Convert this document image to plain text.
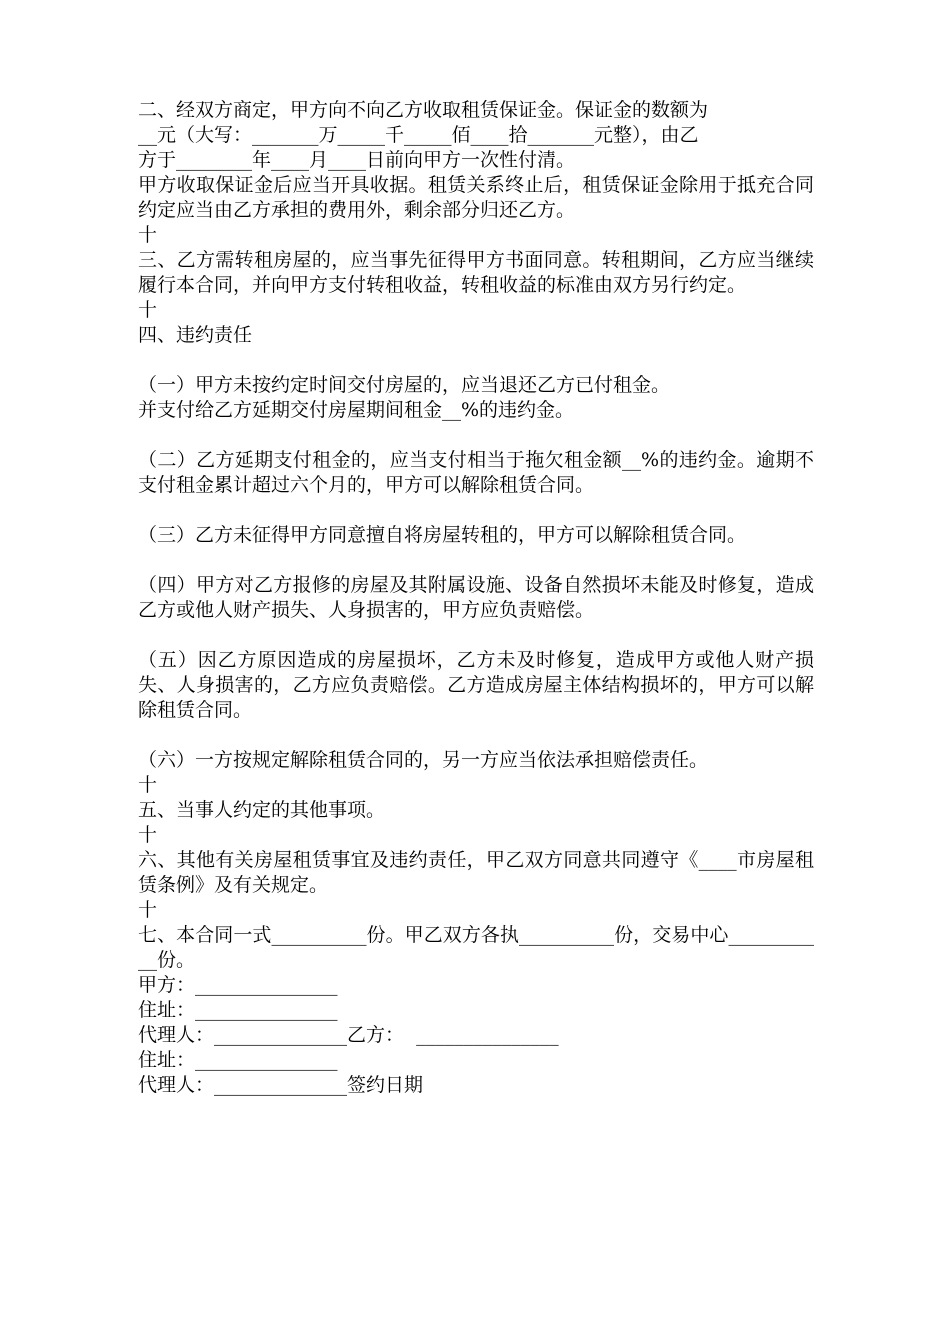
二、经双方商定，甲方向不向乙方收取租赁保证金。保证金的数额为

__元（大写：_______万_____千_____佰____拾_______元整），由乙

方于________年____月____日前向甲方一次性付清。

甲方收取保证金后应当开具收据。租赁关系终止后，租赁保证金除用于抵充合同约定应当由乙方承担的费用外，剩余部分归还乙方。

十

三、乙方需转租房屋的，应当事先征得甲方书面同意。转租期间，乙方应当继续履行本合同，并向甲方支付转租收益，转租收益的标准由双方另行约定。

十

四、违约责任

（一）甲方未按约定时间交付房屋的，应当退还乙方已付租金。

并支付给乙方延期交付房屋期间租金__%的违约金。

（二）乙方延期支付租金的，应当支付相当于拖欠租金额__%的违约金。逾期不支付租金累计超过六个月的，甲方可以解除租赁合同。

（三）乙方未征得甲方同意擅自将房屋转租的，甲方可以解除租赁合同。

（四）甲方对乙方报修的房屋及其附属设施、设备自然损坏未能及时修复，造成乙方或他人财产损失、人身损害的，甲方应负责赔偿。

（五）因乙方原因造成的房屋损坏，乙方未及时修复，造成甲方或他人财产损失、人身损害的，乙方应负责赔偿。乙方造成房屋主体结构损坏的，甲方可以解除租赁合同。

（六）一方按规定解除租赁合同的，另一方应当依法承担赔偿责任。

十

五、当事人约定的其他事项。

十

六、其他有关房屋租赁事宜及违约责任，甲乙双方同意共同遵守《____市房屋租赁条例》及有关规定。

十

七、本合同一式__________份。甲乙双方各执__________份，交易中心___________份。

甲方：_______________

住址：_______________

代理人：______________乙方：  _______________

住址：_______________

代理人：______________签约日期
